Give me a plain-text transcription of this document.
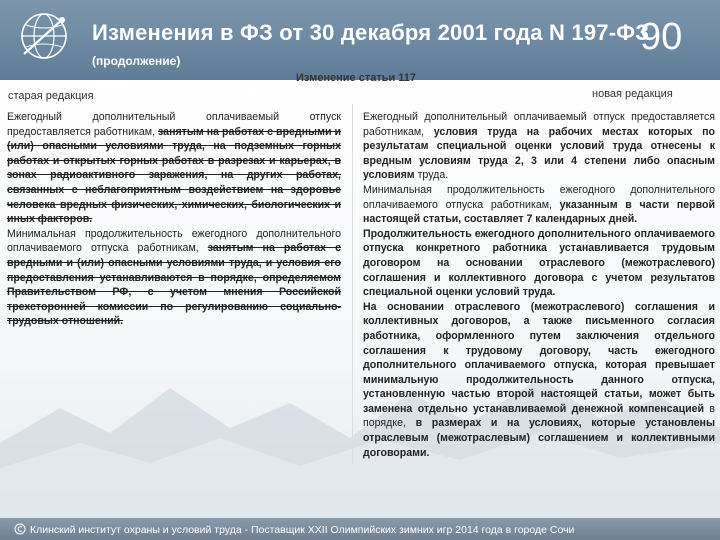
Изменения в ФЗ от 30 декабря 2001 года N 197-ФЗ
(продолжение)
90
Изменение статьи 117
старая редакция	новая редакция

Ежегодный дополнительный оплачиваемый отпуск предоставляется работникам, занятым на работах с вредными и (или) опасными условиями труда, на подземных горных работах и открытых горных работах в разрезах и карьерах, в зонах радиоактивного заражения, на других работах, связанных с неблагоприятным воздействием на здоровье человека вредных физических, химических, биологических и иных факторов.

Минимальная продолжительность ежегодного дополнительного оплачиваемого отпуска работникам, занятым на работах с вредными и (или) опасными условиями труда, и условия его предоставления устанавливаются в порядке, определяемом Правительством РФ, с учетом мнения Российской трехсторонней комиссии по регулированию социально-трудовых отношений.

Ежегодный дополнительный оплачиваемый отпуск предоставляется работникам, условия труда на рабочих местах которых по результатам специальной оценки условий труда отнесены к вредным условиям труда 2, 3 или 4 степени либо опасным условиям труда.

Минимальная продолжительность ежегодного дополнительного оплачиваемого отпуска работникам, указанным в части первой настоящей статьи, составляет 7 календарных дней.

Продолжительность ежегодного дополнительного оплачиваемого отпуска конкретного работника устанавливается трудовым договором на основании отраслевого (межотраслевого) соглашения и коллективного договора с учетом результатов специальной оценки условий труда.

На основании отраслевого (межотраслевого) соглашения и коллективных договоров, а также письменного согласия работника, оформленного путем заключения отдельного соглашения к трудовому договору, часть ежегодного дополнительного оплачиваемого отпуска, которая превышает минимальную продолжительность данного отпуска, установленную частью второй настоящей статьи, может быть заменена отдельно устанавливаемой денежной компенсацией в порядке, в размерах и на условиях, которые установлены отраслевым (межотраслевым) соглашением и коллективными договорами.

Клинский институт охраны и условий труда - Поставщик XXII Олимпийских зимних игр 2014 года в городе Сочи
